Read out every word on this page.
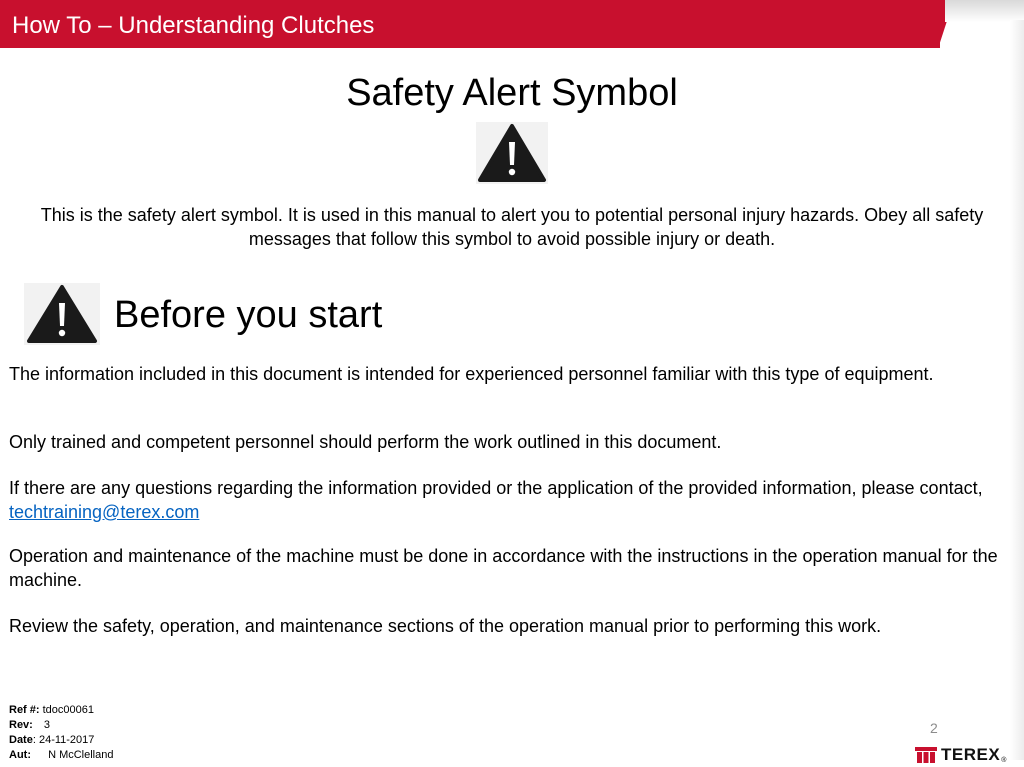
How To – Understanding Clutches
Safety Alert Symbol
This is the safety alert symbol. It is used in this manual to alert you to potential personal injury hazards. Obey all safety messages that follow this symbol to avoid possible injury or death.
Before you start
The information included in this document is intended for experienced personnel familiar with this type of equipment.
Only trained and competent personnel should perform the work outlined in this document.
If there are any questions regarding the information provided or the application of the provided information, please contact, techtraining@terex.com
Operation and maintenance of the machine must be done in accordance with the instructions in the operation manual for the machine.
Review the safety, operation, and maintenance sections of the operation manual prior to performing this work.
Ref #: tdoc00061
Rev: 3
Date: 24-11-2017
Aut: N McClelland
2
TEREX ®
